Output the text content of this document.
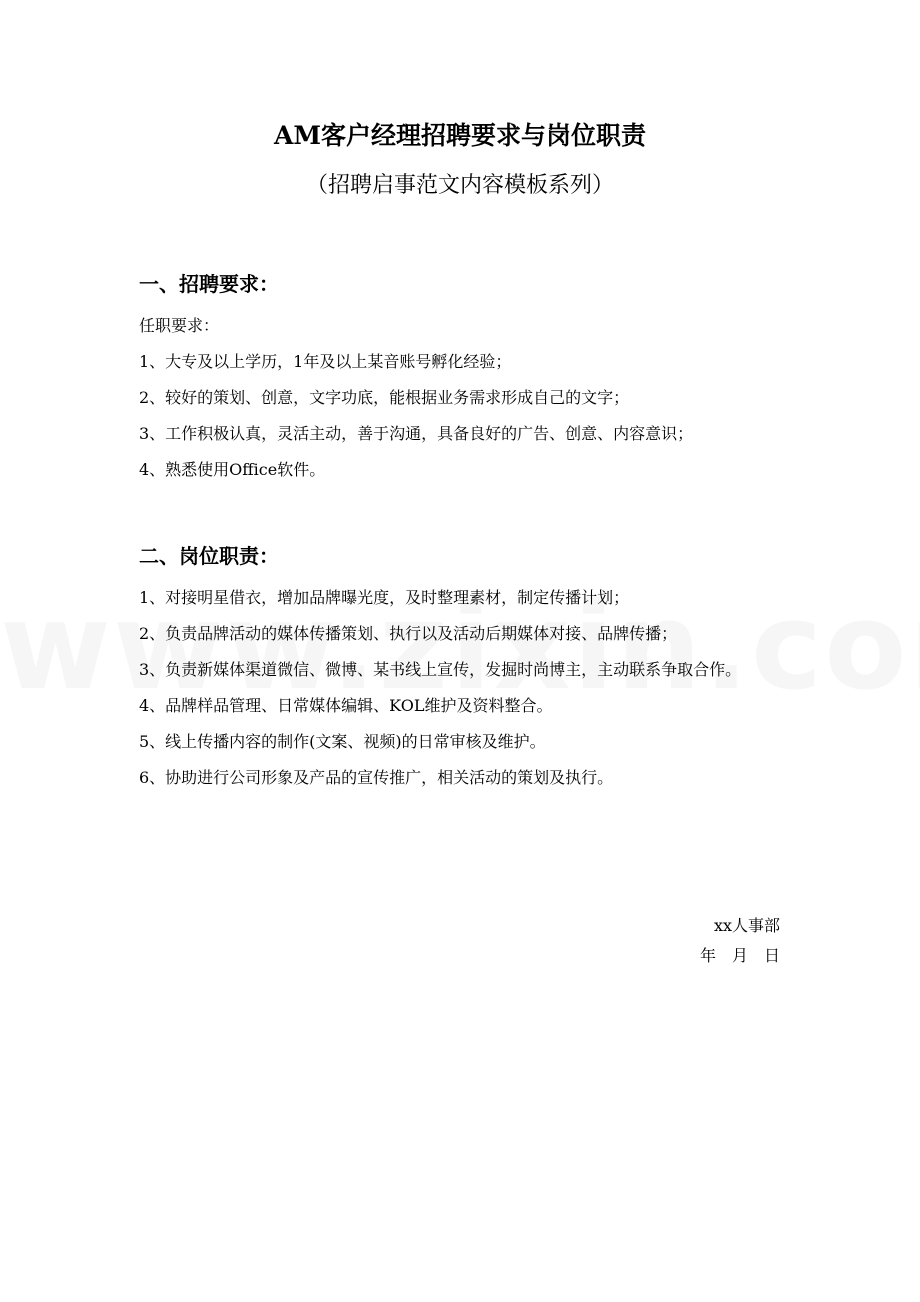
AM客户经理招聘要求与岗位职责
（招聘启事范文内容模板系列）
一、招聘要求：

任职要求：

1、大专及以上学历，1年及以上某音账号孵化经验；

2、较好的策划、创意，文字功底，能根据业务需求形成自己的文字；

3、工作积极认真，灵活主动，善于沟通，具备良好的广告、创意、内容意识；

4、熟悉使用Office软件。

二、岗位职责：

1、对接明星借衣，增加品牌曝光度，及时整理素材，制定传播计划；

2、负责品牌活动的媒体传播策划、执行以及活动后期媒体对接、品牌传播；

3、负责新媒体渠道微信、微博、某书线上宣传，发掘时尚博主，主动联系争取合作。

4、品牌样品管理、日常媒体编辑、KOL维护及资料整合。

5、线上传播内容的制作(文案、视频)的日常审核及维护。

6、协助进行公司形象及产品的宣传推广，相关活动的策划及执行。

xx人事部
年　月　日
